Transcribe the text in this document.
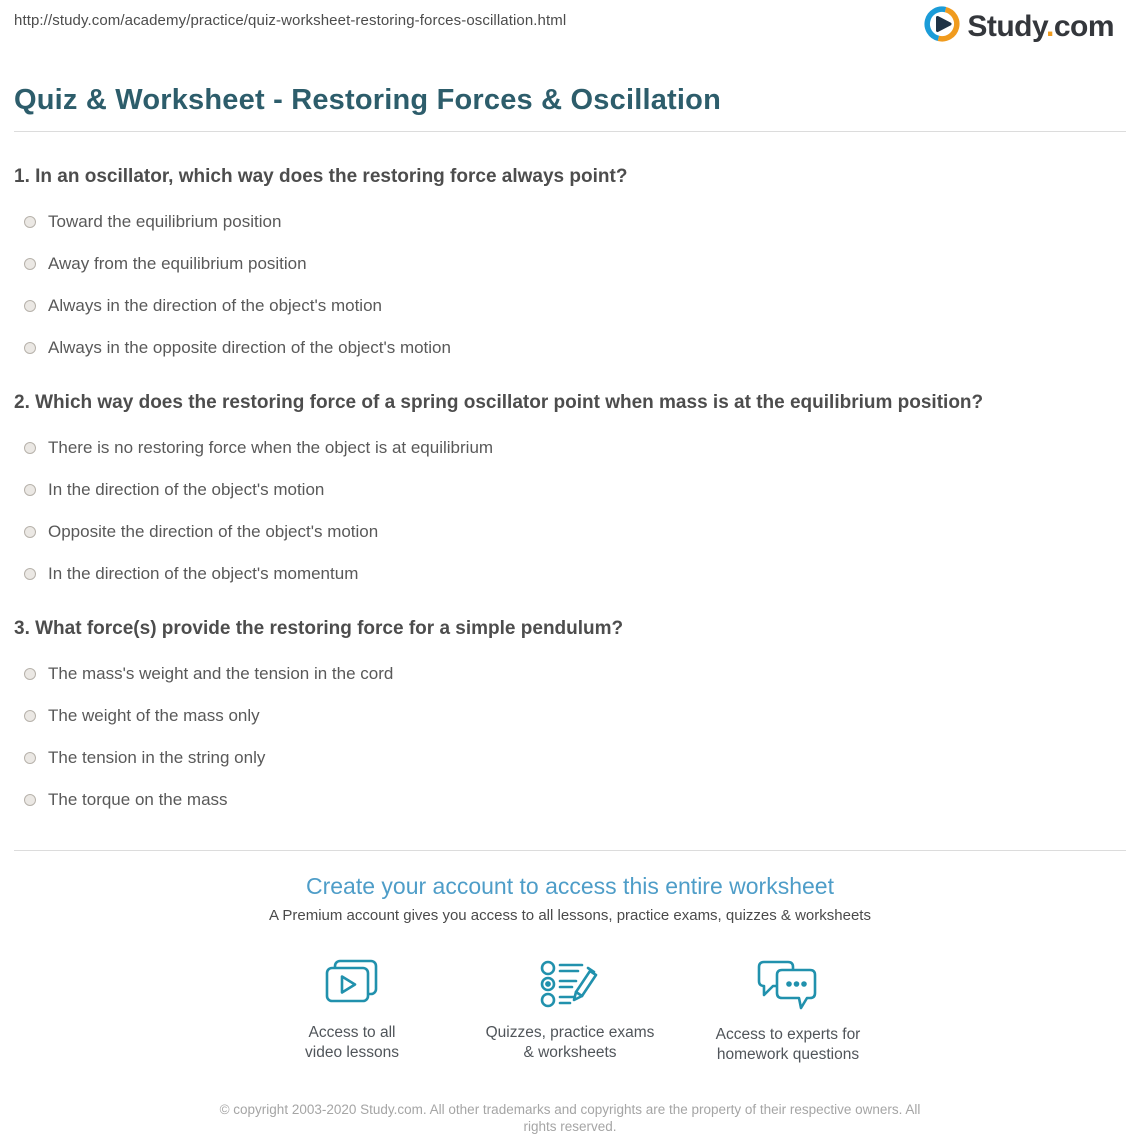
http://study.com/academy/practice/quiz-worksheet-restoring-forces-oscillation.html	Study.com
Quiz & Worksheet - Restoring Forces & Oscillation
1. In an oscillator, which way does the restoring force always point?
Toward the equilibrium position
Away from the equilibrium position
Always in the direction of the object's motion
Always in the opposite direction of the object's motion
2. Which way does the restoring force of a spring oscillator point when mass is at the equilibrium position?
There is no restoring force when the object is at equilibrium
In the direction of the object's motion
Opposite the direction of the object's motion
In the direction of the object's momentum
3. What force(s) provide the restoring force for a simple pendulum?
The mass's weight and the tension in the cord
The weight of the mass only
The tension in the string only
The torque on the mass
Create your account to access this entire worksheet

A Premium account gives you access to all lessons, practice exams, quizzes & worksheets

Access to all
video lessons
Quizzes, practice exams
& worksheets
Access to experts for
homework questions

© copyright 2003-2020 Study.com. All other trademarks and copyrights are the property of their respective owners. All rights reserved.
